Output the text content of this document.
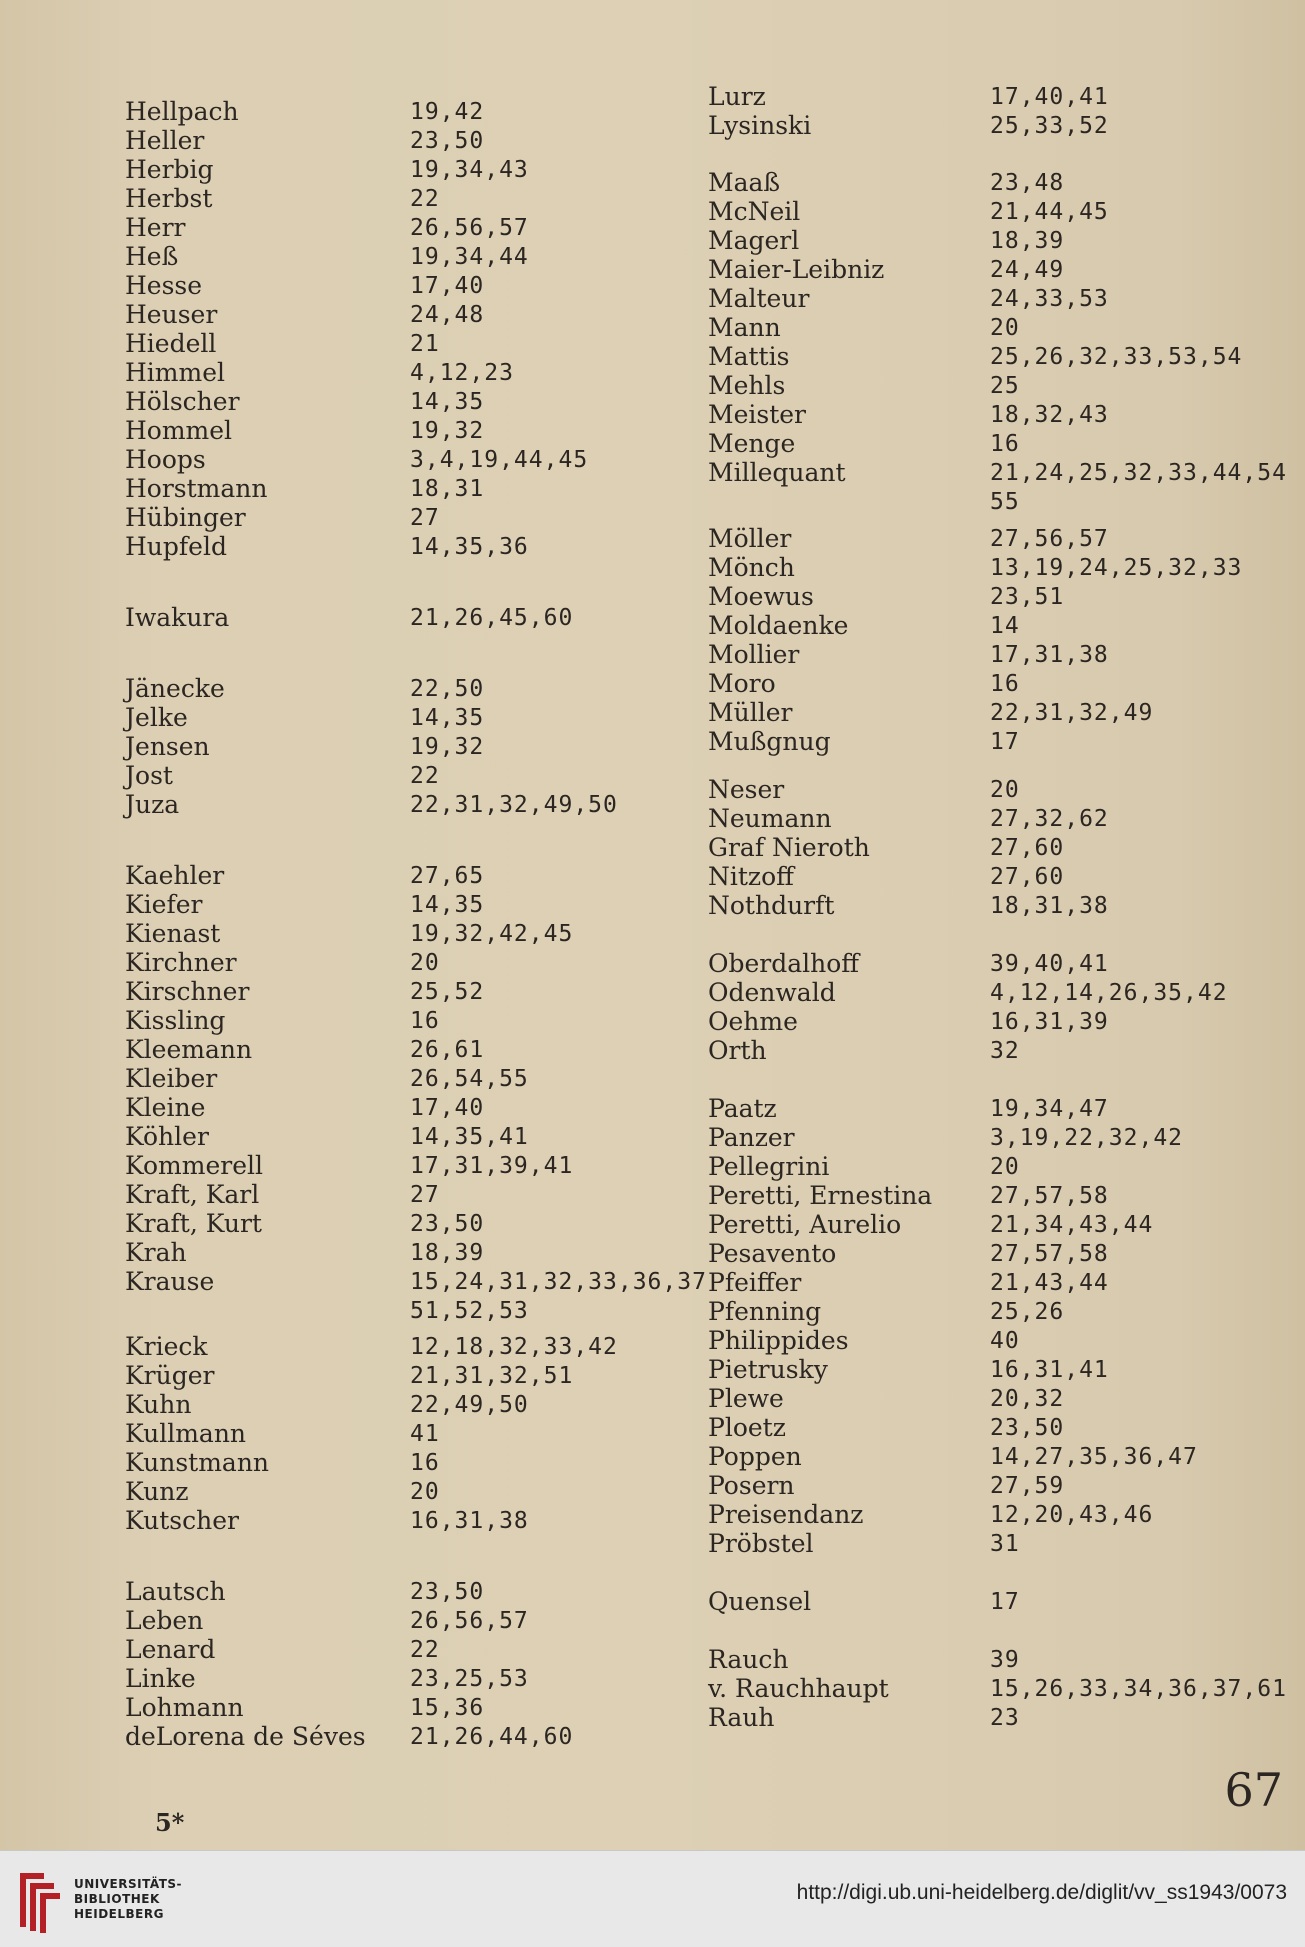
Hellpach	19,42
Heller	23,50
Herbig	19,34,43
Herbst	22
Herr	26,56,57
Heß	19,34,44
Hesse	17,40
Heuser	24,48
Hiedell	21
Himmel	4,12,23
Hölscher	14,35
Hommel	19,32
Hoops	3,4,19,44,45
Horstmann	18,31
Hübinger	27
Hupfeld	14,35,36
Iwakura	21,26,45,60
Jänecke	22,50
Jelke	14,35
Jensen	19,32
Jost	22
Juza	22,31,32,49,50
Kaehler	27,65
Kiefer	14,35
Kienast	19,32,42,45
Kirchner	20
Kirschner	25,52
Kissling	16
Kleemann	26,61
Kleiber	26,54,55
Kleine	17,40
Köhler	14,35,41
Kommerell	17,31,39,41
Kraft, Karl	27
Kraft, Kurt	23,50
Krah	18,39
Krause	15,24,31,32,33,36,37
51,52,53
Krieck	12,18,32,33,42
Krüger	21,31,32,51
Kuhn	22,49,50
Kullmann	41
Kunstmann	16
Kunz	20
Kutscher	16,31,38
Lautsch	23,50
Leben	26,56,57
Lenard	22
Linke	23,25,53
Lohmann	15,36
deLorena de Séves 21,26,44,60
Lurz	17,40,41
Lysinski	25,33,52
Maaß	23,48
McNeil	21,44,45
Magerl	18,39
Maier-Leibniz	24,49
Malteur	24,33,53
Mann	20
Mattis	25,26,32,33,53,54
Mehls	25
Meister	18,32,43
Menge	16
Millequant	21,24,25,32,33,44,54
55
Möller	27,56,57
Mönch	13,19,24,25,32,33
Moewus	23,51
Moldaenke	14
Mollier	17,31,38
Moro	16
Müller	22,31,32,49
Mußgnug	17
Neser	20
Neumann	27,32,62
Graf Nieroth	27,60
Nitzoff	27,60
Nothdurft	18,31,38
Oberdalhoff	39,40,41
Odenwald	4,12,14,26,35,42
Oehme	16,31,39
Orth	32
Paatz	19,34,47
Panzer	3,19,22,32,42
Pellegrini	20
Peretti, Ernestina	27,57,58
Peretti, Aurelio	21,34,43,44
Pesavento	27,57,58
Pfeiffer	21,43,44
Pfenning	25,26
Philippides	40
Pietrusky	16,31,41
Plewe	20,32
Ploetz	23,50
Poppen	14,27,35,36,47
Posern	27,59
Preisendanz	12,20,43,46
Pröbstel	31
Quensel	17
Rauch	39
v. Rauchhaupt	15,26,33,34,36,37,61
Rauh	23
67
5*
UNIVERSITÄTS-
BIBLIOTHEK
HEIDELBERG
http://digi.ub.uni-heidelberg.de/diglit/vv_ss1943/0073
